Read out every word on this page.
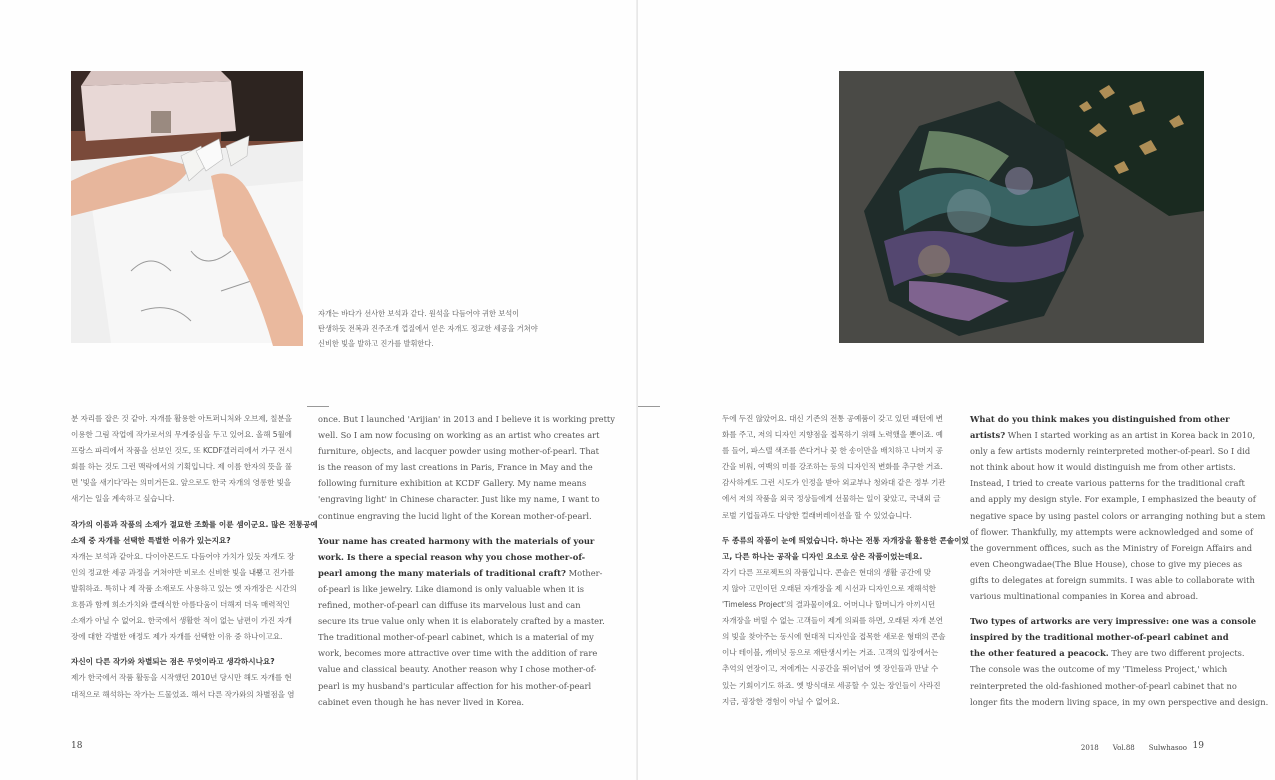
자개는 바다가 선사한 보석과 같다. 원석을 다듬어야 귀한 보석이
탄생하듯 전복과 진주조개 껍질에서 얻은 자개도 정교한 세공을 거쳐야
신비한 빛을 발하고 진가를 발휘한다.
분 자리를 잡은 것 같아. 자개를 활용한 아트퍼니처와 오브제, 칠분을
이용한 그림 작업에 작가로서의 무게중심을 두고 있어요. 올해 5월에
프랑스 파리에서 작품을 선보인 것도, 또 KCDF갤러리에서 가구 전시
회를 하는 것도 그런 맥락에서의 기획입니다. 제 이름 한자의 뜻을 풀
면 '빛을 새기다'라는 의미거든요. 앞으로도 한국 자개의 영롱한 빛을
새기는 일을 계속하고 싶습니다.
작가의 이름과 작품의 소재가 절묘한 조화를 이룬 셈이군요. 많은 전통공예
소재 중 자개를 선택한 특별한 이유가 있는지요?
자개는 보석과 같아요. 다이아몬드도 다듬어야 가치가 있듯 자개도 장
인의 정교한 세공 과정을 거쳐야만 비로소 신비한 빛을 내뿜고 진가를
발휘하죠. 특히나 제 작품 소재로도 사용하고 있는 옛 자개장은 시간의
흐름과 함께 희소가치와 클래식한 아름다움이 더해져 더욱 매력적인
소재가 아닐 수 없어요. 한국에서 생활한 적이 없는 남편이 가진 자개
장에 대한 각별한 애정도 제가 자개를 선택한 이유 중 하나이고요.
자신이 다른 작가와 차별되는 점은 무엇이라고 생각하시나요?
제가 한국에서 작품 활동을 시작했던 2010년 당시만 해도 자개를 현
대적으로 해석하는 작가는 드물었죠. 해서 다른 작가와의 차별점을 염
once. But I launched 'Arijian' in 2013 and I believe it is working pretty
well. So I am now focusing on working as an artist who creates art
furniture, objects, and lacquer powder using mother-of-pearl. That
is the reason of my last creations in Paris, France in May and the
following furniture exhibition at KCDF Gallery. My name means
'engraving light' in Chinese character. Just like my name, I want to
continue engraving the lucid light of the Korean mother-of-pearl.
Your name has created harmony with the materials of your
work. Is there a special reason why you chose mother-of-
pearl among the many materials of traditional craft? Mother-
of-pearl is like jewelry. Like diamond is only valuable when it is
refined, mother-of-pearl can diffuse its marvelous lust and can
secure its true value only when it is elaborately crafted by a master.
The traditional mother-of-pearl cabinet, which is a material of my
work, becomes more attractive over time with the addition of rare
value and classical beauty. Another reason why I chose mother-of-
pearl is my husband's particular affection for his mother-of-pearl
cabinet even though he has never lived in Korea.
18
두에 두진 않았어요. 대신 기존의 전통 공예품이 갖고 있던 패턴에 변
화를 주고, 저의 디자인 지향점을 접목하기 위해 노력했을 뿐이죠. 예
를 들어, 파스텔 색조를 쓴다거나 꽃 한 송이만을 배치하고 나머지 공
간을 비워, 여백의 미를 강조하는 등의 디자인적 변화를 추구한 거죠.
감사하게도 그런 시도가 인정을 받아 외교부나 청와대 같은 정부 기관
에서 저의 작품을 외국 정상들에게 선물하는 일이 잦았고, 국내외 글
로벌 기업들과도 다양한 컬래버레이션을 할 수 있었습니다.
두 종류의 작품이 눈에 띄었습니다. 하나는 전통 자개장을 활용한 콘솔이었
고, 다른 하나는 공작을 디자인 요소로 삼은 작품이었는데요.
각기 다른 프로젝트의 작품입니다. 콘솔은 현대의 생활 공간에 맞
지 않아 고민이던 오래된 자개장을 제 시선과 디자인으로 재해석한
'Timeless Project'의 결과물이에요. 어머니나 할머니가 아끼시던
자개장을 버릴 수 없는 고객들이 제게 의뢰를 하면, 오래된 자개 본연
의 빛을 찾아주는 동시에 현대적 디자인을 접목한 새로운 형태의 콘솔
이나 테이블, 캐비닛 등으로 재탄생시키는 거죠. 고객의 입장에서는
추억의 연장이고, 저에게는 시공간을 뛰어넘어 옛 장인들과 만날 수
있는 기회이기도 하죠. 옛 방식대로 세공할 수 있는 장인들이 사라진
지금, 굉장한 경험이 아닐 수 없어요.
What do you think makes you distinguished from other
artists? When I started working as an artist in Korea back in 2010,
only a few artists modernly reinterpreted mother-of-pearl. So I did
not think about how it would distinguish me from other artists.
Instead, I tried to create various patterns for the traditional craft
and apply my design style. For example, I emphasized the beauty of
negative space by using pastel colors or arranging nothing but a stem
of flower. Thankfully, my attempts were acknowledged and some of
the government offices, such as the Ministry of Foreign Affairs and
even Cheongwadae(The Blue House), chose to give my pieces as
gifts to delegates at foreign summits. I was able to collaborate with
various multinational companies in Korea and abroad.
Two types of artworks are very impressive: one was a console
inspired by the traditional mother-of-pearl cabinet and
the other featured a peacock. They are two different projects.
The console was the outcome of my 'Timeless Project,' which
reinterpreted the old-fashioned mother-of-pearl cabinet that no
longer fits the modern living space, in my own perspective and design.
2018 Vol.88 Sulwhasoo 19
